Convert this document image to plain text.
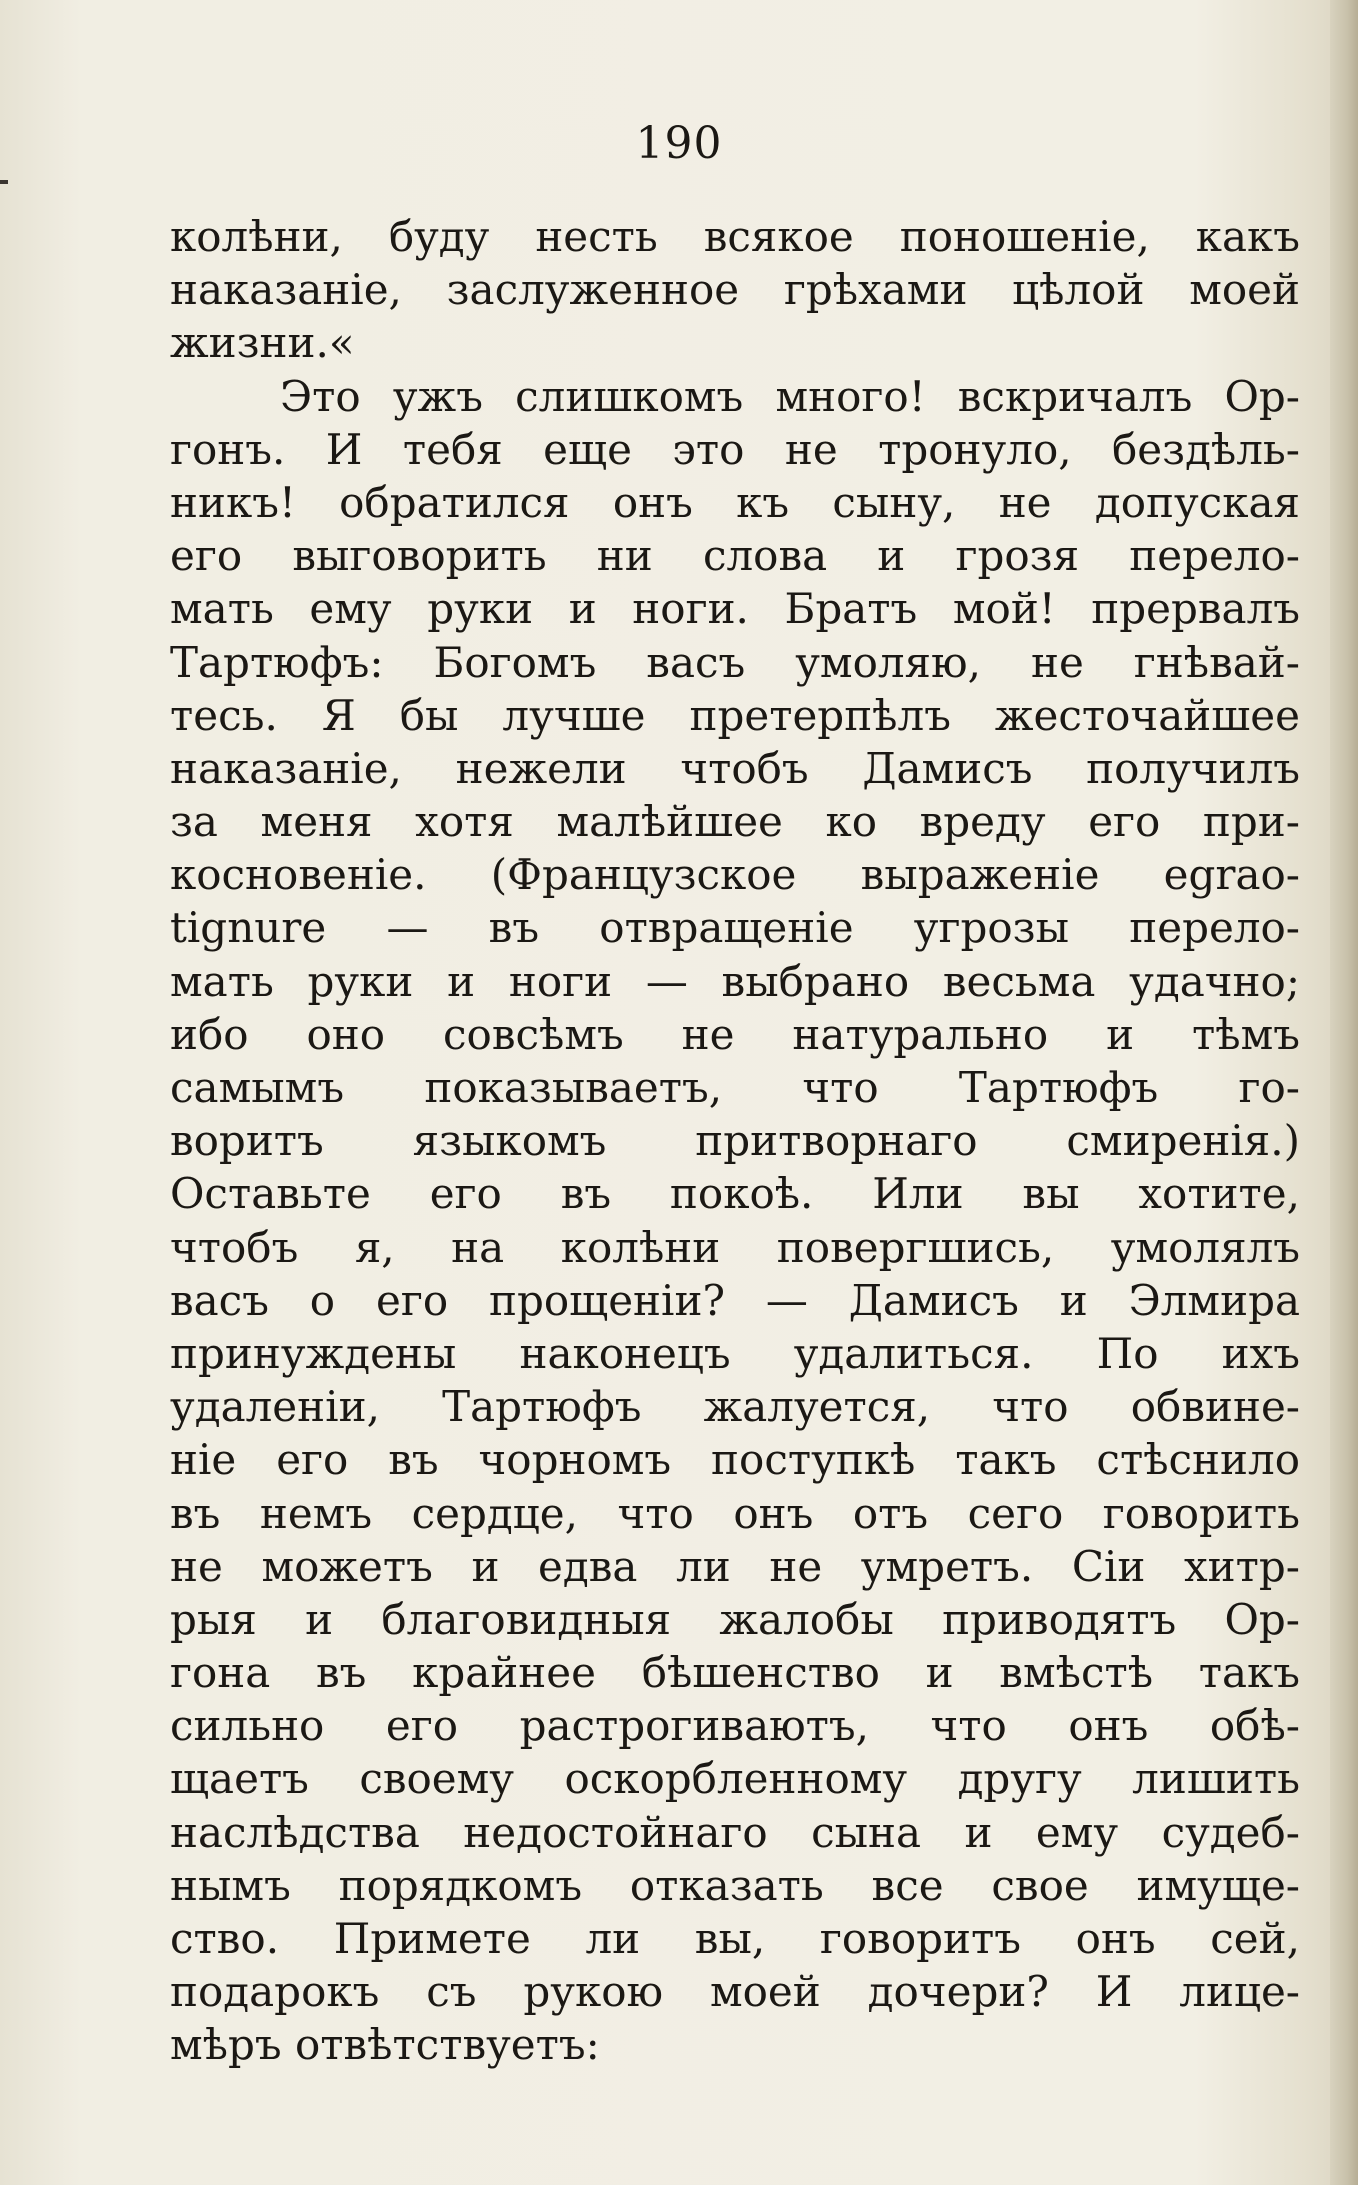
190
колѣни, буду несть всякое поношеніе, какъ
наказаніе, заслуженное грѣхами цѣлой моей
жизни.«
Это ужъ слишкомъ много! вскричалъ Ор-
гонъ. И тебя еще это не тронуло, бездѣль-
никъ! обратился онъ къ сыну, не допуская
его выговорить ни слова и грозя перело-
мать ему руки и ноги. Братъ мой! прервалъ
Тартюфъ: Богомъ васъ умоляю, не гнѣвай-
тесь. Я бы лучше претерпѣлъ жесточайшее
наказаніе, нежели чтобъ Дамисъ получилъ
за меня хотя малѣйшее ко вреду его при-
косновеніе. (Французское выраженіе egrao-
tignure — въ отвращеніе угрозы перело-
мать руки и ноги — выбрано весьма удачно;
ибо оно совсѣмъ не натурально и тѣмъ
самымъ показываетъ, что Тартюфъ го-
воритъ языкомъ притворнаго смиренія.)
Оставьте его въ покоѣ. Или вы хотите,
чтобъ я, на колѣни повергшись, умолялъ
васъ о его прощеніи? — Дамисъ и Элмира
принуждены наконецъ удалиться. По ихъ
удаленіи, Тартюфъ жалуется, что обвине-
ніе его въ чорномъ поступкѣ такъ стѣснило
въ немъ сердце, что онъ отъ сего говорить
не можетъ и едва ли не умретъ. Сіи хитр-
рыя и благовидныя жалобы приводятъ Ор-
гона въ крайнее бѣшенство и вмѣстѣ такъ
сильно его растрогиваютъ, что онъ обѣ-
щаетъ своему оскорбленному другу лишить
наслѣдства недостойнаго сына и ему судеб-
нымъ порядкомъ отказать все свое имуще-
ство. Примете ли вы, говоритъ онъ сей,
подарокъ съ рукою моей дочери? И лице-
мѣръ отвѣтствуетъ:
